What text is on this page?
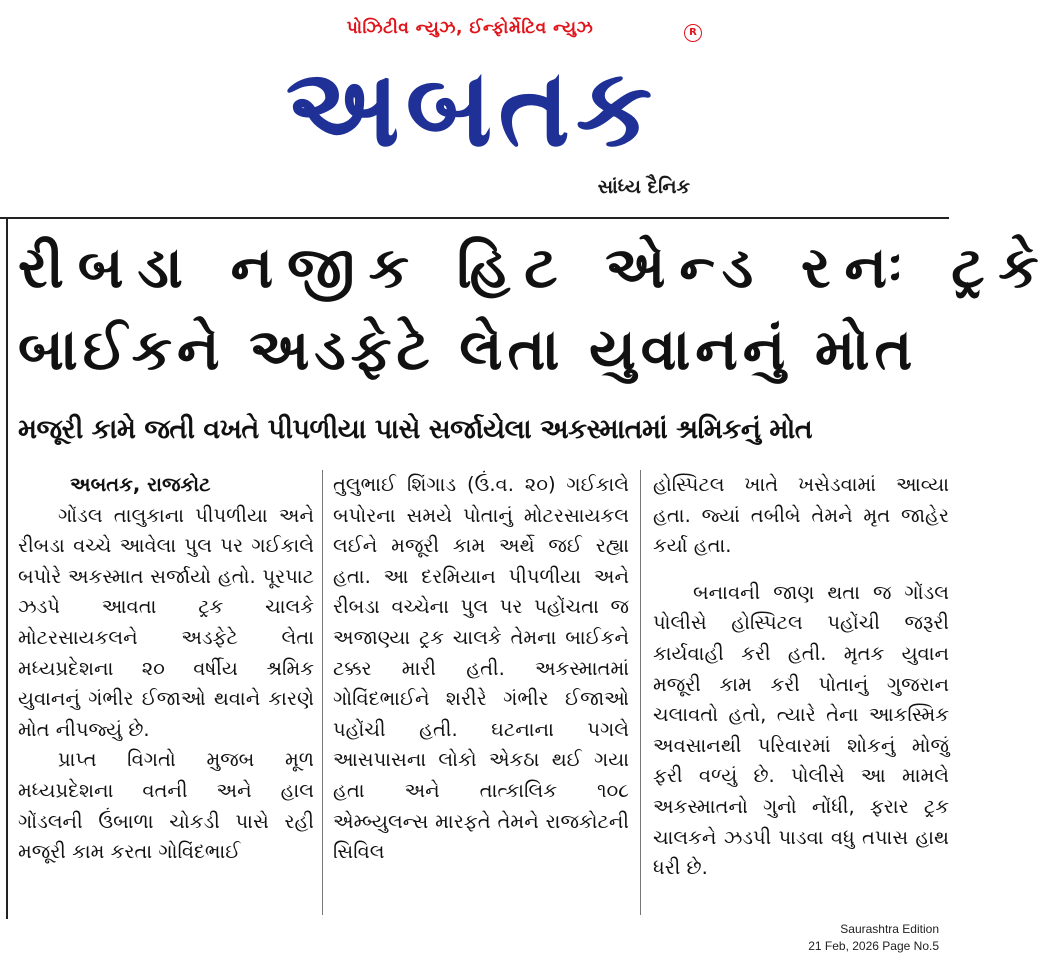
પોઝિટીવ ન્યુઝ, ઈન્ફોર્મેટિવ ન્યુઝ	R
અબતક
સાંધ્ય દૈનિક
રીબડા નજીક હિટ એન્ડ રનઃ ટ્રકે
બાઈકને અડફેટે લેતા યુવાનનું મોત
મજૂરી કામે જતી વખતે પીપળીયા પાસે સર્જાયેલા અકસ્માતમાં શ્રમિકનું મોત

અબતક, રાજકોટ

ગોંડલ તાલુકાના પીપળીયા અને રીબડા વચ્ચે આવેલા પુલ પર ગઈકાલે બપોરે અકસ્માત સર્જાયો હતો. પૂરપાટ ઝડપે આવતા ટ્રક ચાલકે મોટરસાયકલને અડફેટે લેતા મધ્યપ્રદેશના ૨૦ વર્ષીય શ્રમિક યુવાનનું ગંભીર ઈજાઓ થવાને કારણે મોત નીપજ્યું છે.

પ્રાપ્ત વિગતો મુજબ મૂળ મધ્યપ્રદેશના વતની અને હાલ ગોંડલની ઉંબાળા ચોકડી પાસે રહી મજૂરી કામ કરતા ગોવિંદભાઈ

તુલુભાઈ શિંગાડ (ઉં.વ. ૨૦) ગઈકાલે બપોરના સમયે પોતાનું મોટરસાયકલ લઈને મજૂરી કામ અર્થે જઈ રહ્યા હતા. આ દરમિયાન પીપળીયા અને રીબડા વચ્ચેના પુલ પર પહોંચતા જ અજાણ્યા ટ્રક ચાલકે તેમના બાઈકને ટક્કર મારી હતી. અકસ્માતમાં ગોવિંદભાઈને શરીરે ગંભીર ઈજાઓ પહોંચી હતી. ઘટનાના પગલે આસપાસના લોકો એકઠા થઈ ગયા હતા અને તાત્કાલિક ૧૦૮ એમ્બ્યુલન્સ મારફતે તેમને રાજકોટની સિવિલ

હોસ્પિટલ ખાતે ખસેડવામાં આવ્યા હતા. જ્યાં તબીબે તેમને મૃત જાહેર કર્યા હતા.

બનાવની જાણ થતા જ ગોંડલ પોલીસે હોસ્પિટલ પહોંચી જરૂરી કાર્યવાહી કરી હતી. મૃતક યુવાન મજૂરી કામ કરી પોતાનું ગુજરાન ચલાવતો હતો, ત્યારે તેના આકસ્મિક અવસાનથી પરિવારમાં શોકનું મોજું ફરી વળ્યું છે. પોલીસે આ મામલે અકસ્માતનો ગુનો નોંધી, ફરાર ટ્રક ચાલકને ઝડપી પાડવા વધુ તપાસ હાથ ધરી છે.

Saurashtra Edition
21 Feb, 2026 Page No.5
